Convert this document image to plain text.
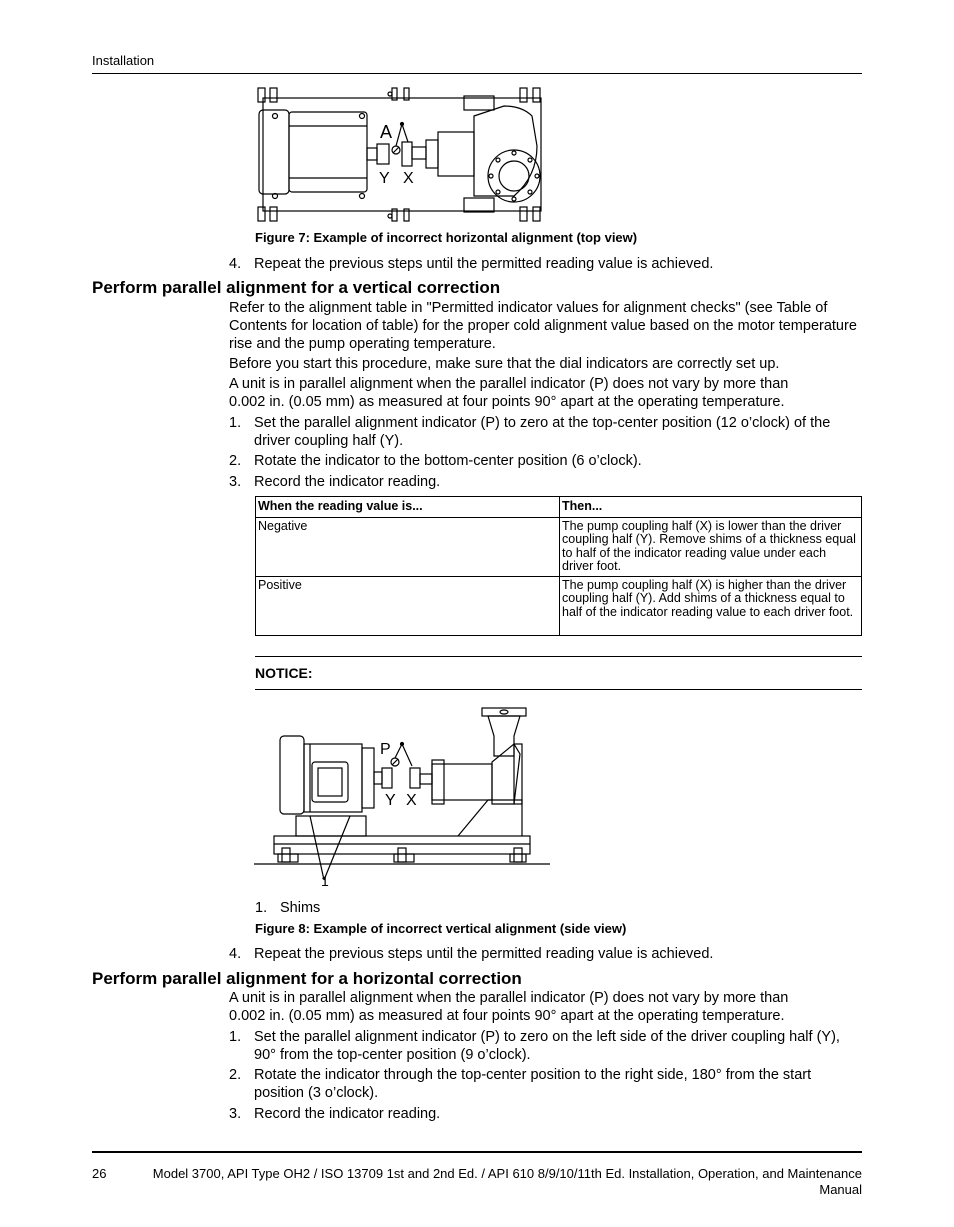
Installation
A
Y X
Figure 7: Example of incorrect horizontal alignment (top view)
4. Repeat the previous steps until the permitted reading value is achieved.
Perform parallel alignment for a vertical correction
Refer to the alignment table in "Permitted indicator values for alignment checks" (see Table of Contents for location of table) for the proper cold alignment value based on the motor temperature rise and the pump operating temperature.
Before you start this procedure, make sure that the dial indicators are correctly set up.
A unit is in parallel alignment when the parallel indicator (P) does not vary by more than 0.002 in. (0.05 mm) as measured at four points 90° apart at the operating temperature.
1. Set the parallel alignment indicator (P) to zero at the top-center position (12 o’clock) of the driver coupling half (Y).
2. Rotate the indicator to the bottom-center position (6 o’clock).
3. Record the indicator reading.
When the reading value is...	Then...
Negative	The pump coupling half (X) is lower than the driver coupling half (Y). Remove shims of a thickness equal to half of the indicator reading value under each driver foot.
Positive	The pump coupling half (X) is higher than the driver coupling half (Y). Add shims of a thickness equal to half of the indicator reading value to each driver foot.
NOTICE:
P
Y X
1
1. Shims
Figure 8: Example of incorrect vertical alignment (side view)
4. Repeat the previous steps until the permitted reading value is achieved.
Perform parallel alignment for a horizontal correction
A unit is in parallel alignment when the parallel indicator (P) does not vary by more than 0.002 in. (0.05 mm) as measured at four points 90° apart at the operating temperature.
1. Set the parallel alignment indicator (P) to zero on the left side of the driver coupling half (Y), 90° from the top-center position (9 o’clock).
2. Rotate the indicator through the top-center position to the right side, 180° from the start position (3 o’clock).
3. Record the indicator reading.
26	Model 3700, API Type OH2 / ISO 13709 1st and 2nd Ed. / API 610 8/9/10/11th Ed. Installation, Operation, and Maintenance Manual
